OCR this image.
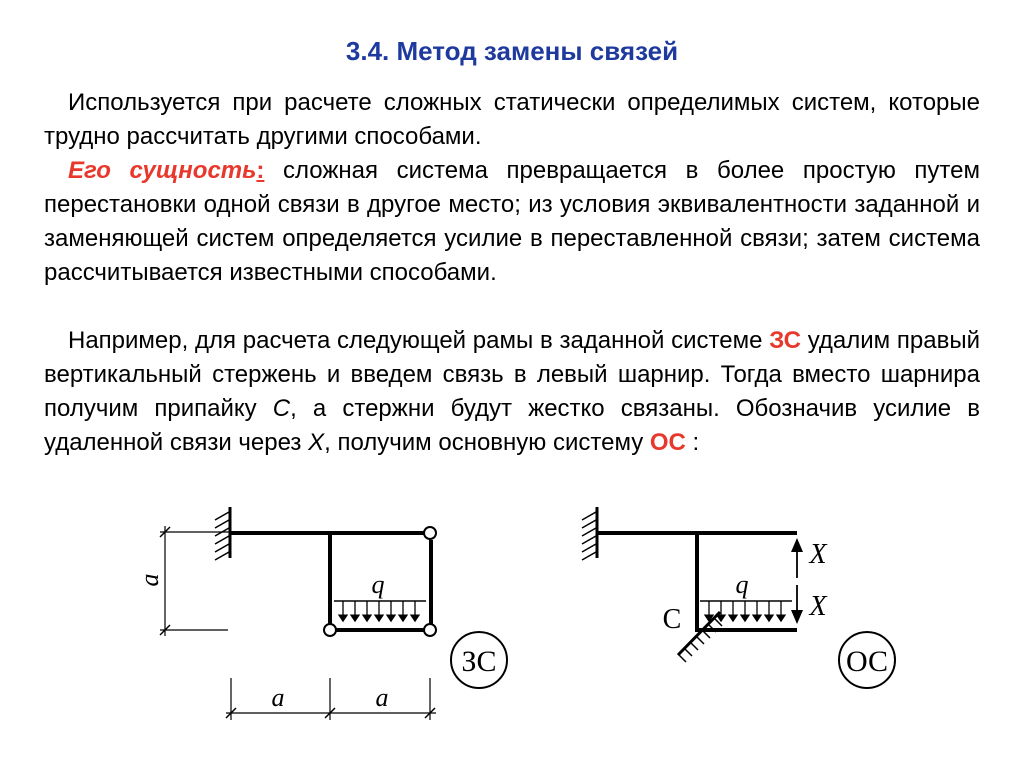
3.4. Метод замены связей
Используется при расчете сложных статически определимых систем, которые трудно рассчитать другими способами.
Его сущность: сложная система превращается в более простую путем перестановки одной связи в другое место; из условия эквивалентности заданной и заменяющей систем определяется усилие в переставленной связи; затем система рассчитывается известными способами.
Например, для расчета следующей рамы в заданной системе ЗС удалим правый вертикальный стержень и введем связь в левый шарнир. Тогда вместо шарнира получим припайку С, а стержни будут жестко связаны. Обозначив усилие в удаленной связи через Х, получим основную систему ОС :
q
a
a	a
ЗС
C
q
X
X
ОС
